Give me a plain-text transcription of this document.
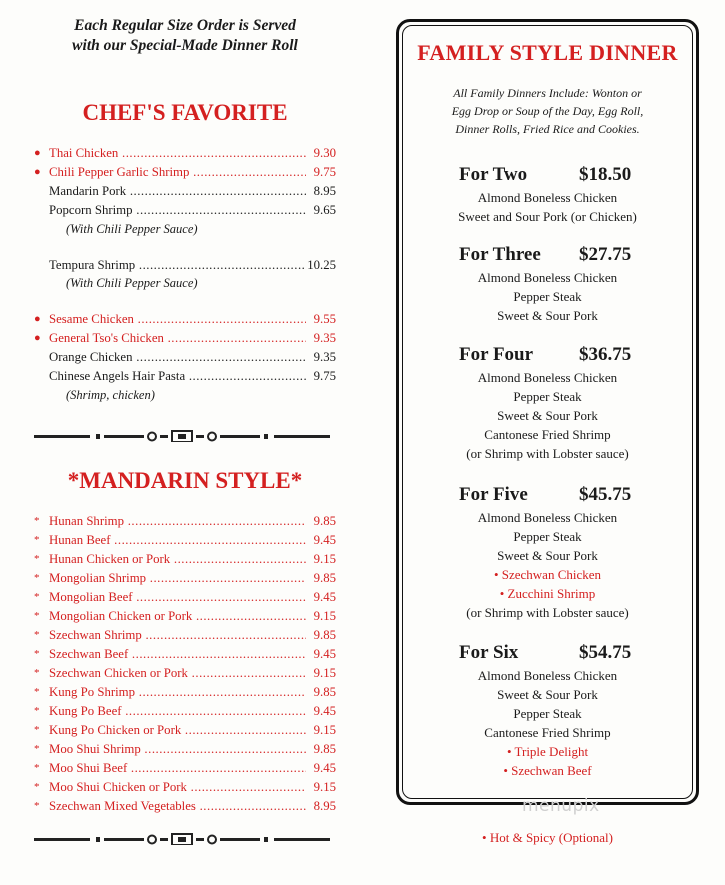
Each Regular Size Order is Served
with our Special-Made Dinner Roll
CHEF'S FAVORITE
● Thai Chicken .....	9.30
● Chili Pepper Garlic Shrimp .....	9.75
Mandarin Pork .....	8.95
Popcorn Shrimp .....	9.65
(With Chili Pepper Sauce)
Tempura Shrimp .....	10.25
(With Chili Pepper Sauce)
● Sesame Chicken .....	9.55
● General Tso's Chicken .....	9.35
Orange Chicken .....	9.35
Chinese Angels Hair Pasta .....	9.75
(Shrimp, chicken)
*MANDARIN STYLE*
* Hunan Shrimp .....	9.85
* Hunan Beef .....	9.45
* Hunan Chicken or Pork .....	9.15
* Mongolian Shrimp .....	9.85
* Mongolian Beef .....	9.45
* Mongolian Chicken or Pork .....	9.15
* Szechwan Shrimp .....	9.85
* Szechwan Beef .....	9.45
* Szechwan Chicken or Pork .....	9.15
* Kung Po Shrimp .....	9.85
* Kung Po Beef .....	9.45
* Kung Po Chicken or Pork .....	9.15
* Moo Shui Shrimp .....	9.85
* Moo Shui Beef .....	9.45
* Moo Shui Chicken or Pork .....	9.15
* Szechwan Mixed Vegetables .....	8.95
FAMILY STYLE DINNER
All Family Dinners Include: Wonton or
Egg Drop or Soup of the Day, Egg Roll,
Dinner Rolls, Fried Rice and Cookies.
For Two	$18.50
Almond Boneless Chicken
Sweet and Sour Pork (or Chicken)
For Three $27.75
Almond Boneless Chicken
Pepper Steak
Sweet & Sour Pork
For Four $36.75
Almond Boneless Chicken
Pepper Steak
Sweet & Sour Pork
Cantonese Fried Shrimp
(or Shrimp with Lobster sauce)
For Five	$45.75
Almond Boneless Chicken
Pepper Steak
Sweet & Sour Pork
• Szechwan Chicken
• Zucchini Shrimp
(or Shrimp with Lobster sauce)
For Six	$54.75
Almond Boneless Chicken
Sweet & Sour Pork
Pepper Steak
Cantonese Fried Shrimp
• Triple Delight
• Szechwan Beef
menupix
• Hot & Spicy (Optional)
